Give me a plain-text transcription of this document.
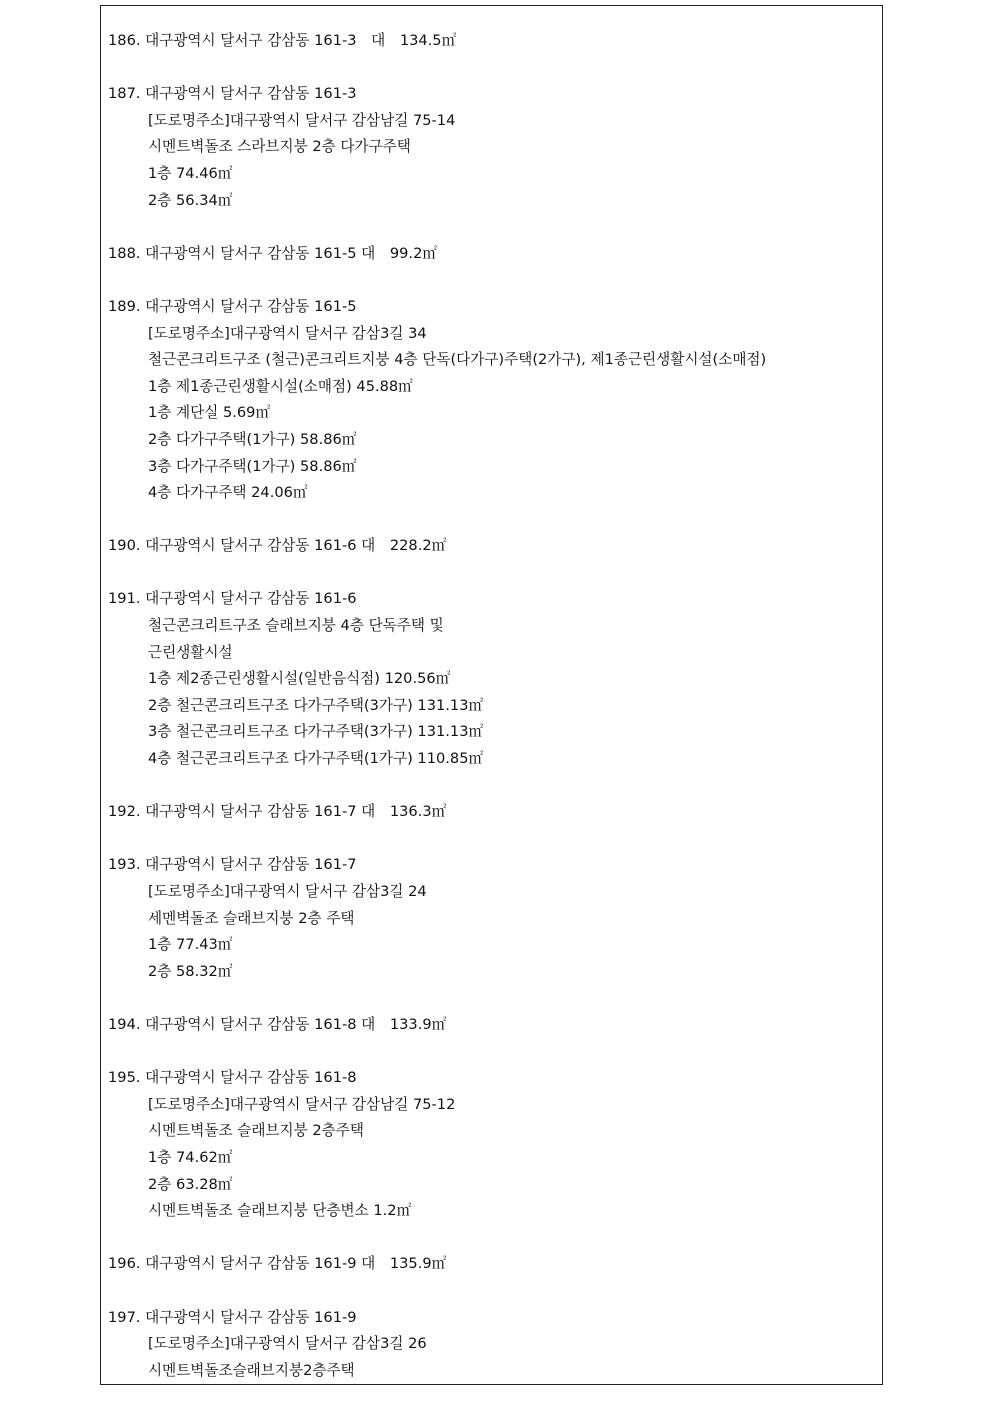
186. 대구광역시 달서구 감삼동 161-3　대　134.5㎡
187. 대구광역시 달서구 감삼동 161-3
[도로명주소]대구광역시 달서구 감삼남길 75-14
시멘트벽돌조 스라브지붕 2층 다가구주택
1층 74.46㎡
2층 56.34㎡
188. 대구광역시 달서구 감삼동 161-5 대　99.2㎡
189. 대구광역시 달서구 감삼동 161-5
[도로명주소]대구광역시 달서구 감삼3길 34
철근콘크리트구조 (철근)콘크리트지붕 4층 단독(다가구)주택(2가구), 제1종근린생활시설(소매점)
1층 제1종근린생활시설(소매점) 45.88㎡
1층 계단실 5.69㎡
2층 다가구주택(1가구) 58.86㎡
3층 다가구주택(1가구) 58.86㎡
4층 다가구주택 24.06㎡
190. 대구광역시 달서구 감삼동 161-6 대　228.2㎡
191. 대구광역시 달서구 감삼동 161-6
철근콘크리트구조 슬래브지붕 4층 단독주택 및
근린생활시설
1층 제2종근린생활시설(일반음식점) 120.56㎡
2층 철근콘크리트구조 다가구주택(3가구) 131.13㎡
3층 철근콘크리트구조 다가구주택(3가구) 131.13㎡
4층 철근콘크리트구조 다가구주택(1가구) 110.85㎡
192. 대구광역시 달서구 감삼동 161-7 대　136.3㎡
193. 대구광역시 달서구 감삼동 161-7
[도로명주소]대구광역시 달서구 감삼3길 24
세멘벽돌조 슬래브지붕 2층 주택
1층 77.43㎡
2층 58.32㎡
194. 대구광역시 달서구 감삼동 161-8 대　133.9㎡
195. 대구광역시 달서구 감삼동 161-8
[도로명주소]대구광역시 달서구 감삼남길 75-12
시멘트벽돌조 슬래브지붕 2층주택
1층 74.62㎡
2층 63.28㎡
시멘트벽돌조 슬래브지붕 단층변소 1.2㎡
196. 대구광역시 달서구 감삼동 161-9 대　135.9㎡
197. 대구광역시 달서구 감삼동 161-9
[도로명주소]대구광역시 달서구 감삼3길 26
시멘트벽돌조슬래브지붕2층주택
